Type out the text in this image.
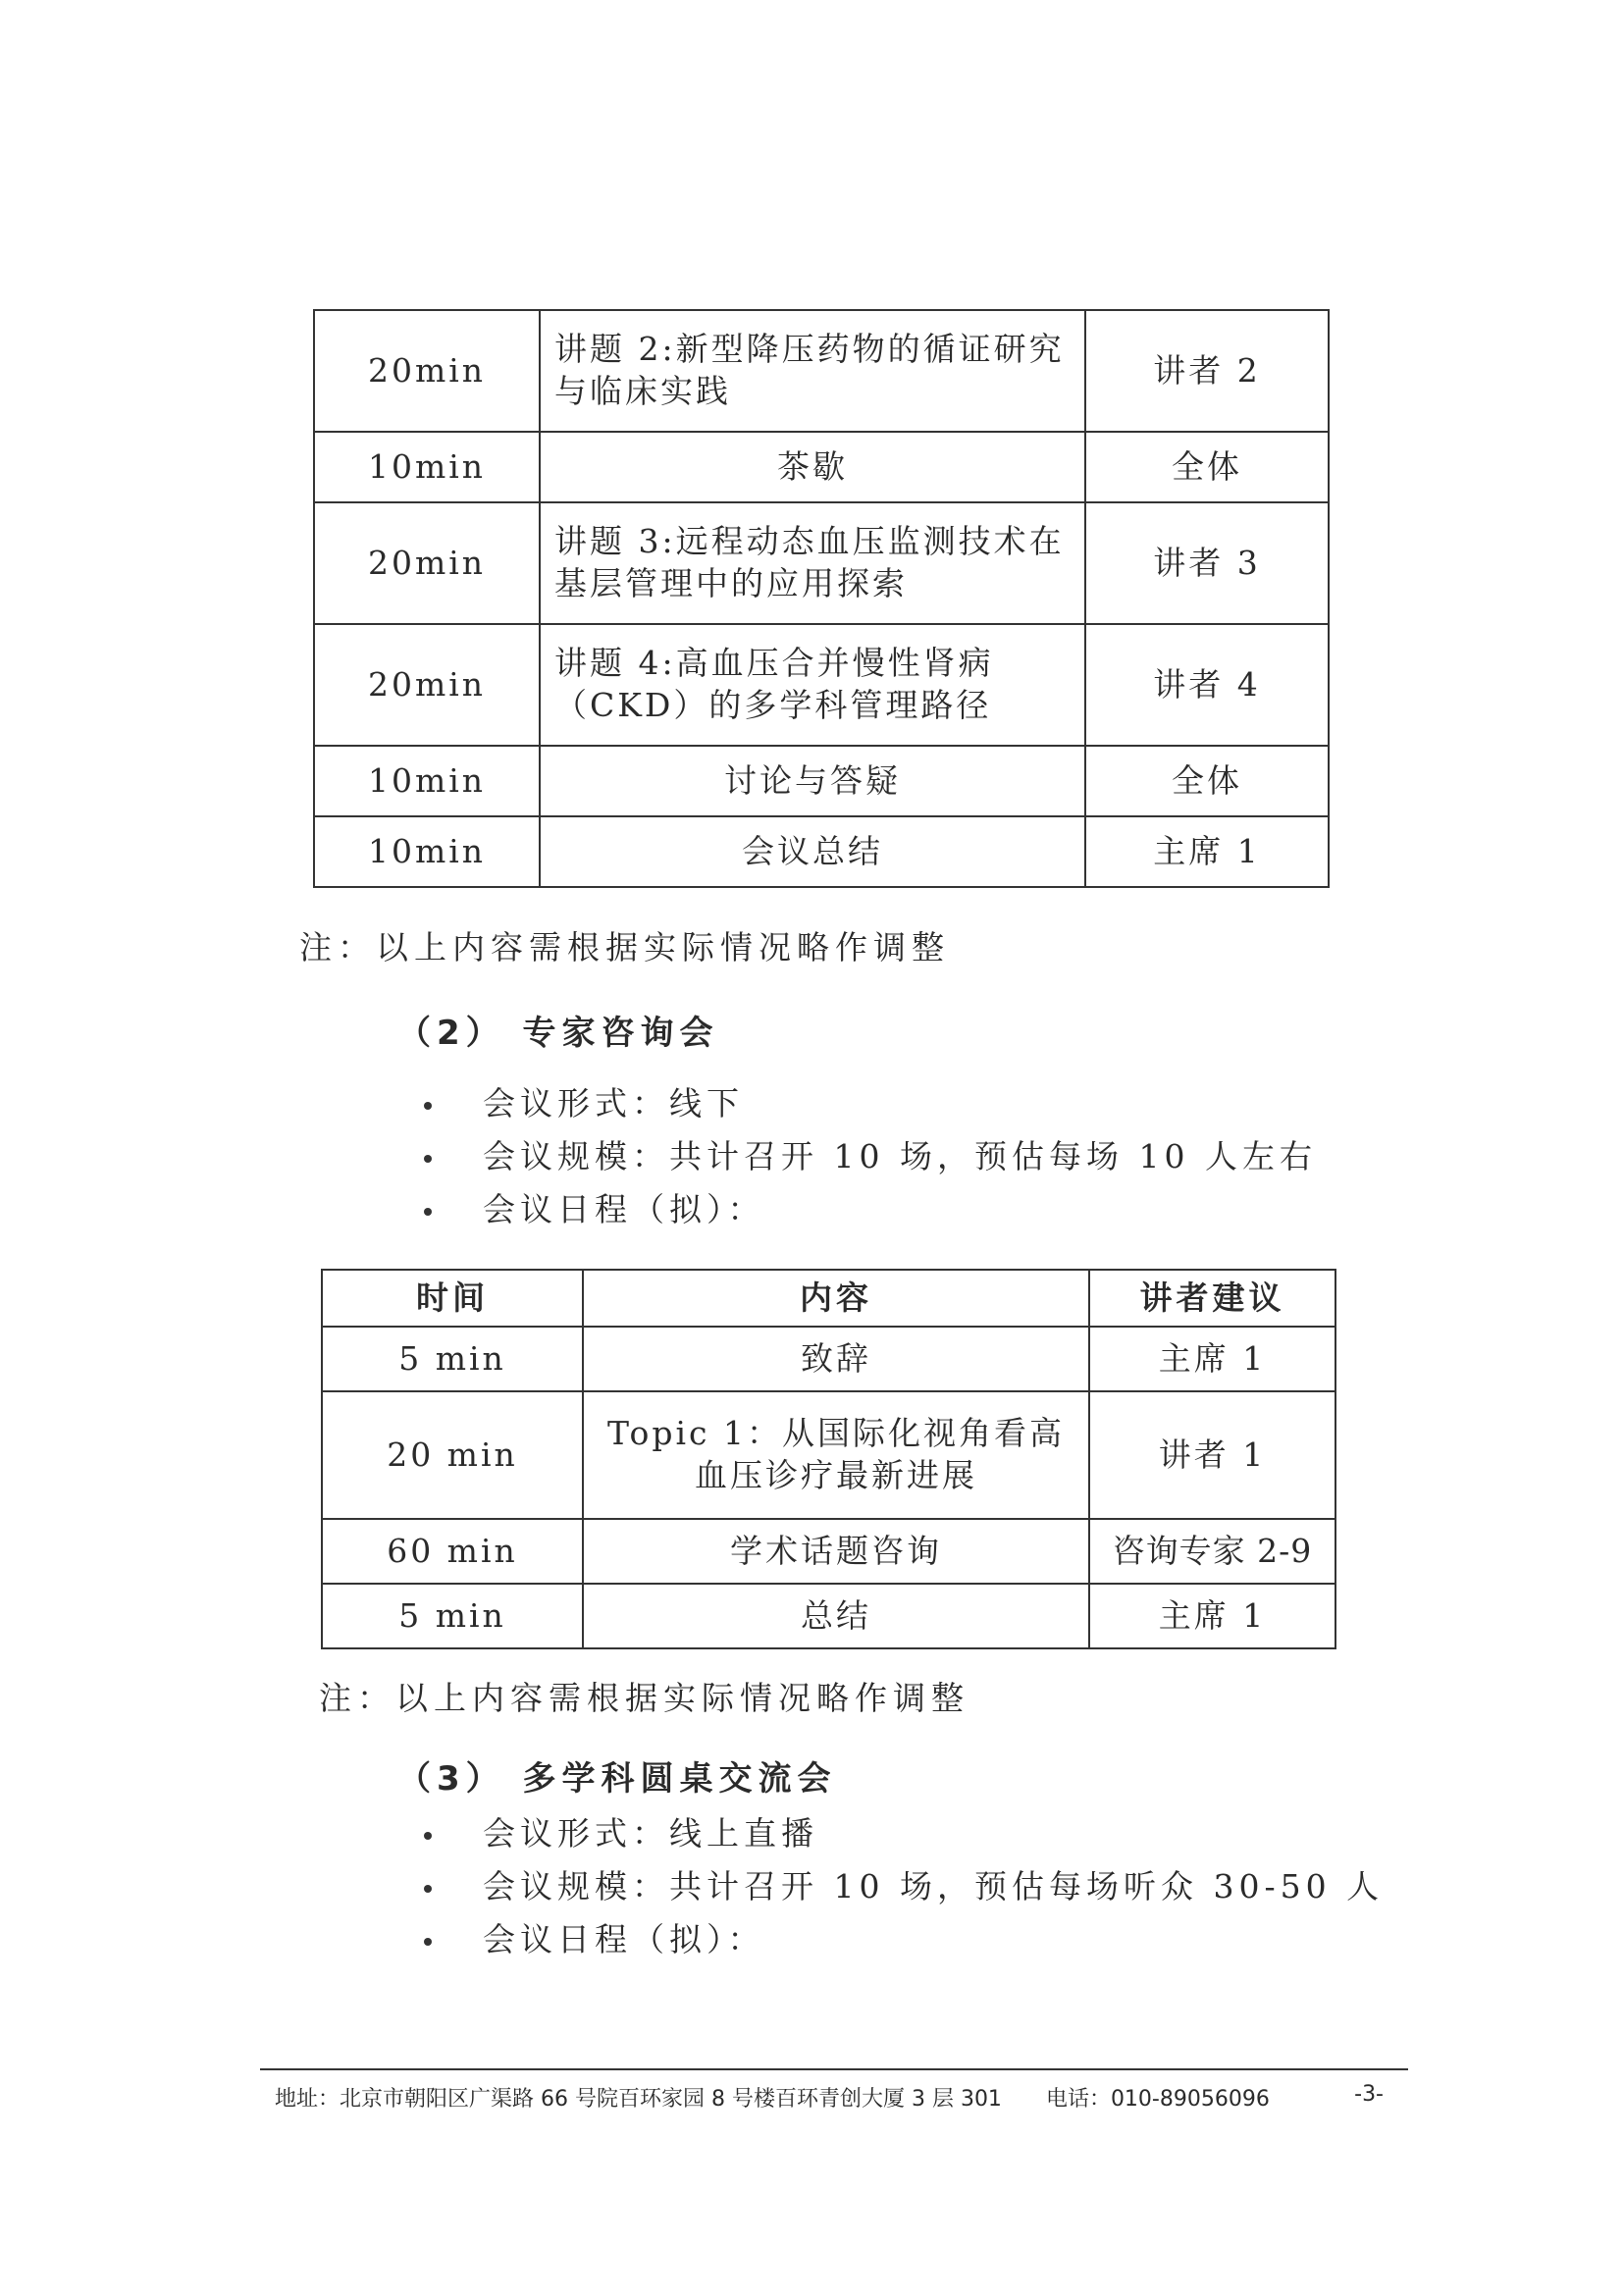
20min	讲题 2:新型降压药物的循证研究与临床实践	讲者 2
10min	茶歇	全体
20min	讲题 3:远程动态血压监测技术在基层管理中的应用探索	讲者 3
20min	讲题 4:高血压合并慢性肾病（CKD）的多学科管理路径	讲者 4
10min	讨论与答疑	全体
10min	会议总结	主席 1
注：以上内容需根据实际情况略作调整
（2） 专家咨询会
会议形式：线下
会议规模：共计召开 10 场，预估每场 10 人左右
会议日程（拟）：
时间	内容	讲者建议
5 min	致辞	主席 1
20 min	Topic 1：从国际化视角看高血压诊疗最新进展	讲者 1
60 min	学术话题咨询	咨询专家 2-9
5 min	总结	主席 1
注：以上内容需根据实际情况略作调整
（3） 多学科圆桌交流会
会议形式：线上直播
会议规模：共计召开 10 场，预估每场听众 30-50 人
会议日程（拟）：
地址：北京市朝阳区广渠路 66 号院百环家园 8 号楼百环青创大厦 3 层 301 电话：010-89056096	-3-
